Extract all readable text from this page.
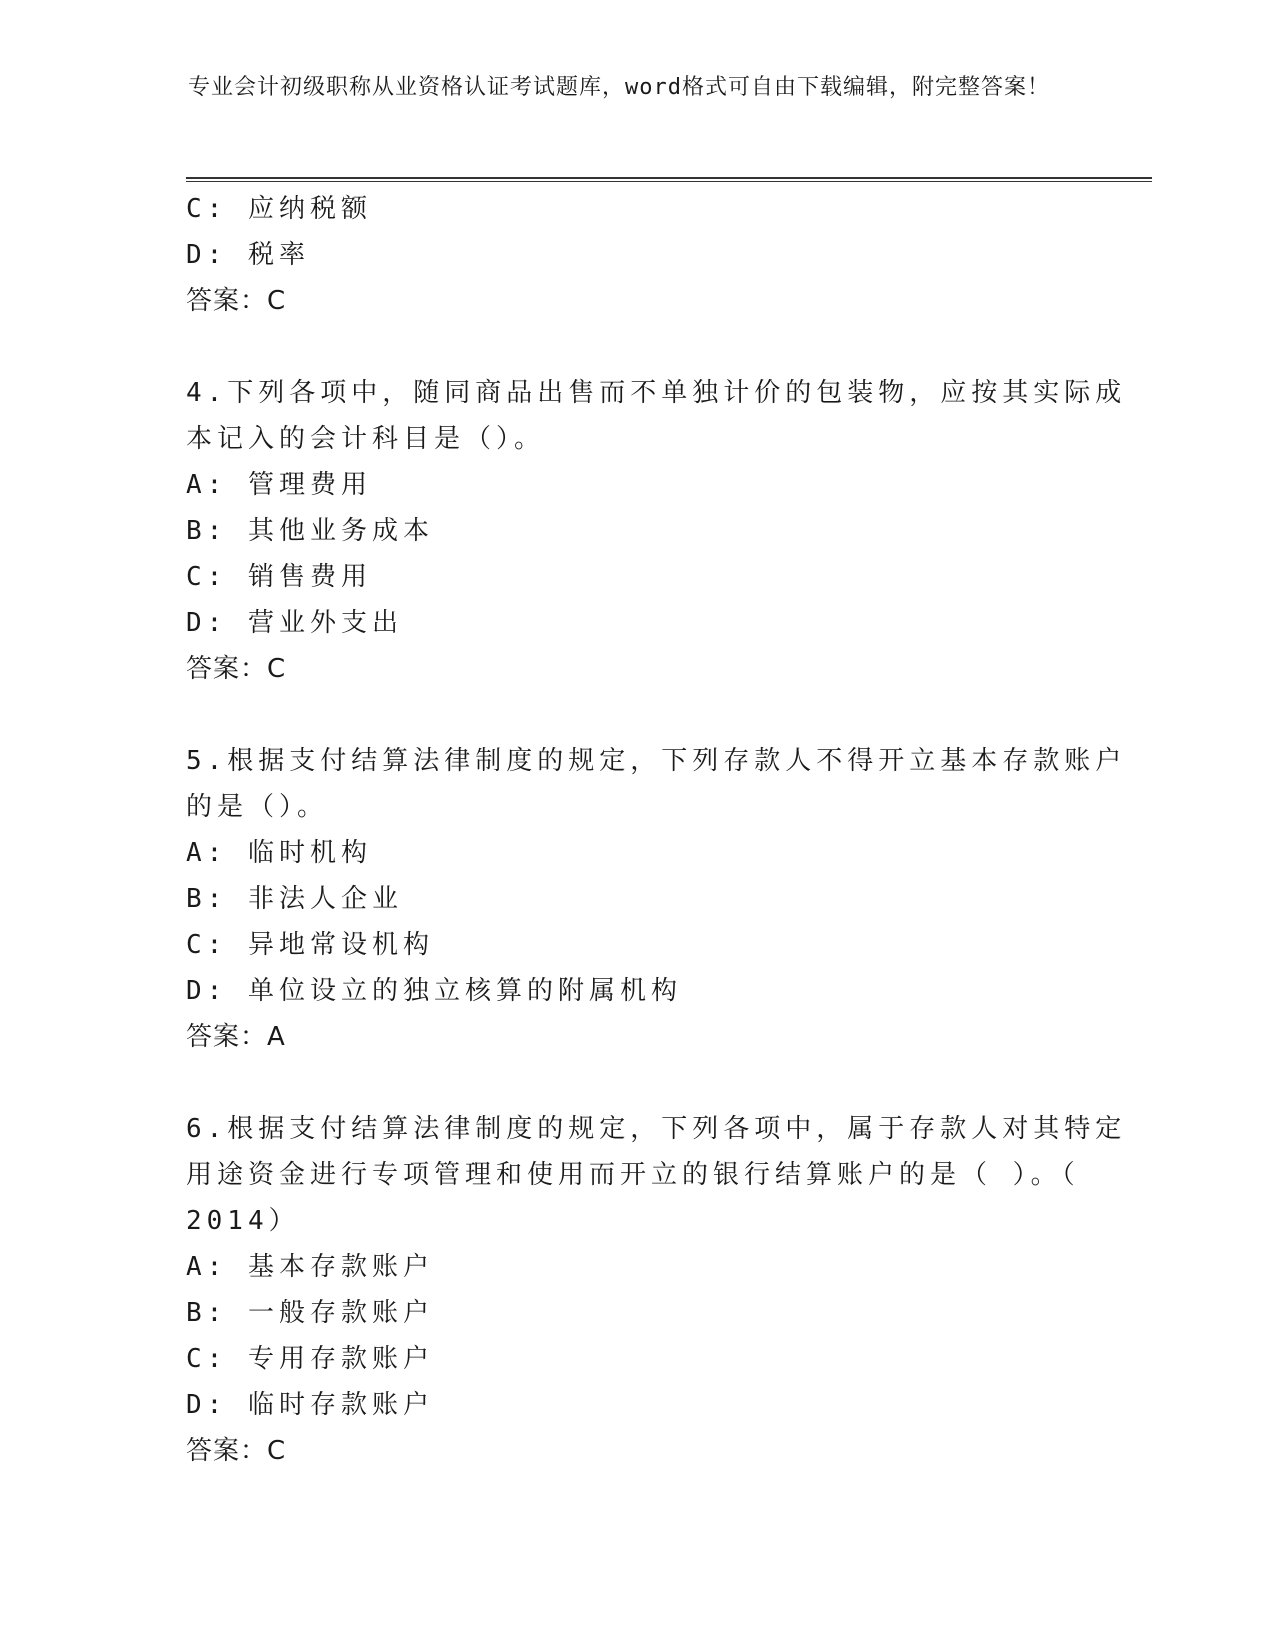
专业会计初级职称从业资格认证考试题库，word格式可自由下载编辑，附完整答案！
C: 应纳税额
D: 税率
答案：C
4.下列各项中，随同商品出售而不单独计价的包装物，应按其实际成
本记入的会计科目是（）。
A: 管理费用
B: 其他业务成本
C: 销售费用
D: 营业外支出
答案：C
5.根据支付结算法律制度的规定，下列存款人不得开立基本存款账户
的是（）。
A: 临时机构
B: 非法人企业
C: 异地常设机构
D: 单位设立的独立核算的附属机构
答案：A
6.根据支付结算法律制度的规定，下列各项中，属于存款人对其特定
用途资金进行专项管理和使用而开立的银行结算账户的是（ ）。（
2014）
A: 基本存款账户
B: 一般存款账户
C: 专用存款账户
D: 临时存款账户
答案：C
